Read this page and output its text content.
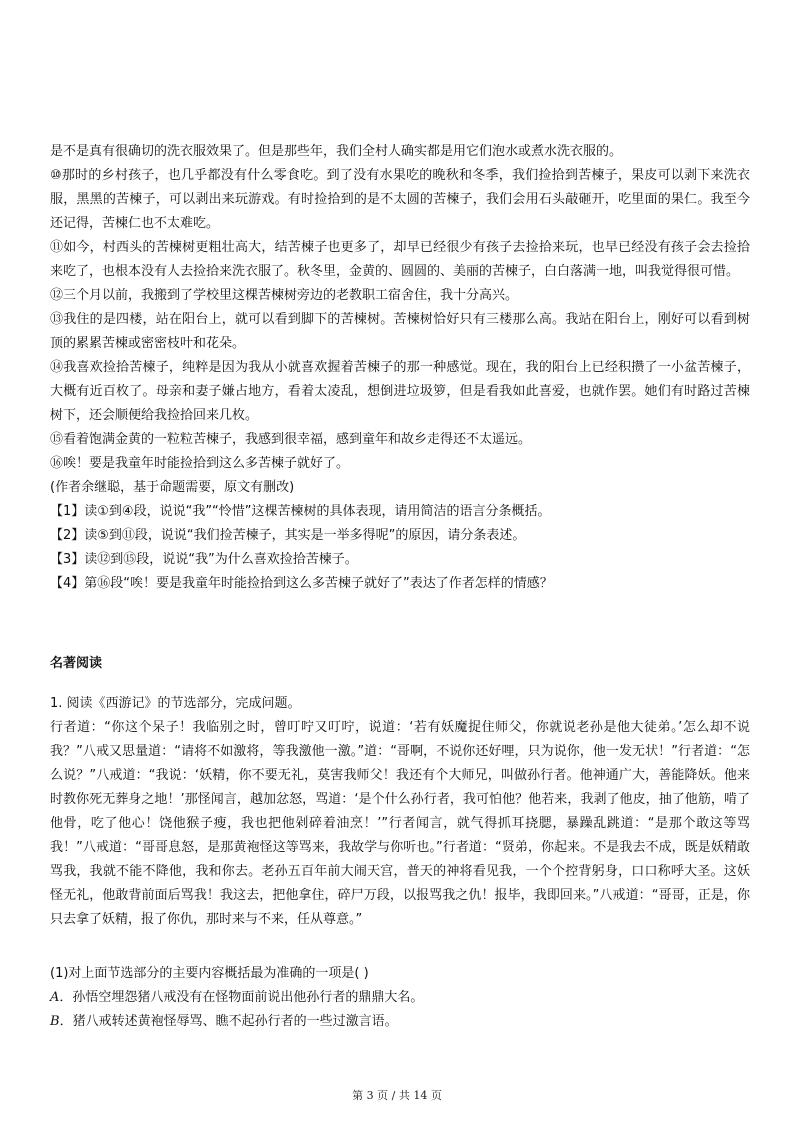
是不是真有很确切的洗衣服效果了。但是那些年，我们全村人确实都是用它们泡水或煮水洗衣服的。

⑩那时的乡村孩子，也几乎都没有什么零食吃。到了没有水果吃的晚秋和冬季，我们捡拾到苦楝子，果皮可以剥下来洗衣服，黑黑的苦楝子，可以剥出来玩游戏。有时捡拾到的是不太圆的苦楝子，我们会用石头敲砸开，吃里面的果仁。我至今还记得，苦楝仁也不太难吃。

⑪如今，村西头的苦楝树更粗壮高大，结苦楝子也更多了，却早已经很少有孩子去捡拾来玩，也早已经没有孩子会去捡拾来吃了，也根本没有人去捡拾来洗衣服了。秋冬里，金黄的、圆圆的、美丽的苦楝子，白白落满一地，叫我觉得很可惜。

⑫三个月以前，我搬到了学校里这棵苦楝树旁边的老教职工宿舍住，我十分高兴。

⑬我住的是四楼，站在阳台上，就可以看到脚下的苦楝树。苦楝树恰好只有三楼那么高。我站在阳台上，刚好可以看到树顶的累累苦楝或密密枝叶和花朵。

⑭我喜欢捡拾苦楝子，纯粹是因为我从小就喜欢握着苦楝子的那一种感觉。现在，我的阳台上已经积攒了一小盆苦楝子，大概有近百枚了。母亲和妻子嫌占地方，看着太凌乱，想倒进垃圾箩，但是看我如此喜爱，也就作罢。她们有时路过苦楝树下，还会顺便给我捡拾回来几枚。

⑮看着饱满金黄的一粒粒苦楝子，我感到很幸福，感到童年和故乡走得还不太遥远。

⑯唉！要是我童年时能捡拾到这么多苦楝子就好了。

(作者余继聪，基于命题需要，原文有删改)

【1】读①到④段，说说“我”“怜惜”这棵苦楝树的具体表现，请用简洁的语言分条概括。

【2】读⑤到⑪段，说说“我们捡苦楝子，其实是一举多得呢”的原因，请分条表述。

【3】读⑫到⑮段，说说“我”为什么喜欢捡拾苦楝子。

【4】第⑯段“唉！要是我童年时能捡拾到这么多苦楝子就好了”表达了作者怎样的情感？

名著阅读

1. 阅读《西游记》的节选部分，完成问题。

行者道：“你这个呆子！我临别之时，曾叮咛又叮咛，说道：‘若有妖魔捉住师父，你就说老孙是他大徒弟。’怎么却不说我？”八戒又思量道：“请将不如激将，等我激他一激。”道：“哥啊，不说你还好哩，只为说你，他一发无状！”行者道：“怎么说？”八戒道：“我说：‘妖精，你不要无礼，莫害我师父！我还有个大师兄，叫做孙行者。他神通广大，善能降妖。他来时教你死无葬身之地！’那怪闻言，越加忿怒，骂道：‘是个什么孙行者，我可怕他？他若来，我剥了他皮，抽了他筋，啃了他骨，吃了他心！饶他猴子瘦，我也把他剁碎着油烹！’”行者闻言，就气得抓耳挠腮，暴躁乱跳道：“是那个敢这等骂我！”八戒道：“哥哥息怒，是那黄袍怪这等骂来，我故学与你听也。”行者道：“贤弟，你起来。不是我去不成，既是妖精敢骂我，我就不能不降他，我和你去。老孙五百年前大闹天宫，普天的神将看见我，一个个控背躬身，口口称呼大圣。这妖怪无礼，他敢背前面后骂我！我这去，把他拿住，碎尸万段，以报骂我之仇！报毕，我即回来。”八戒道：“哥哥，正是，你只去拿了妖精，报了你仇，那时来与不来，任从尊意。”

(1)对上面节选部分的主要内容概括最为准确的一项是( )

A．孙悟空埋怨猪八戒没有在怪物面前说出他孙行者的鼎鼎大名。

B．猪八戒转述黄袍怪辱骂、瞧不起孙行者的一些过激言语。

第 3 页 / 共 14 页
